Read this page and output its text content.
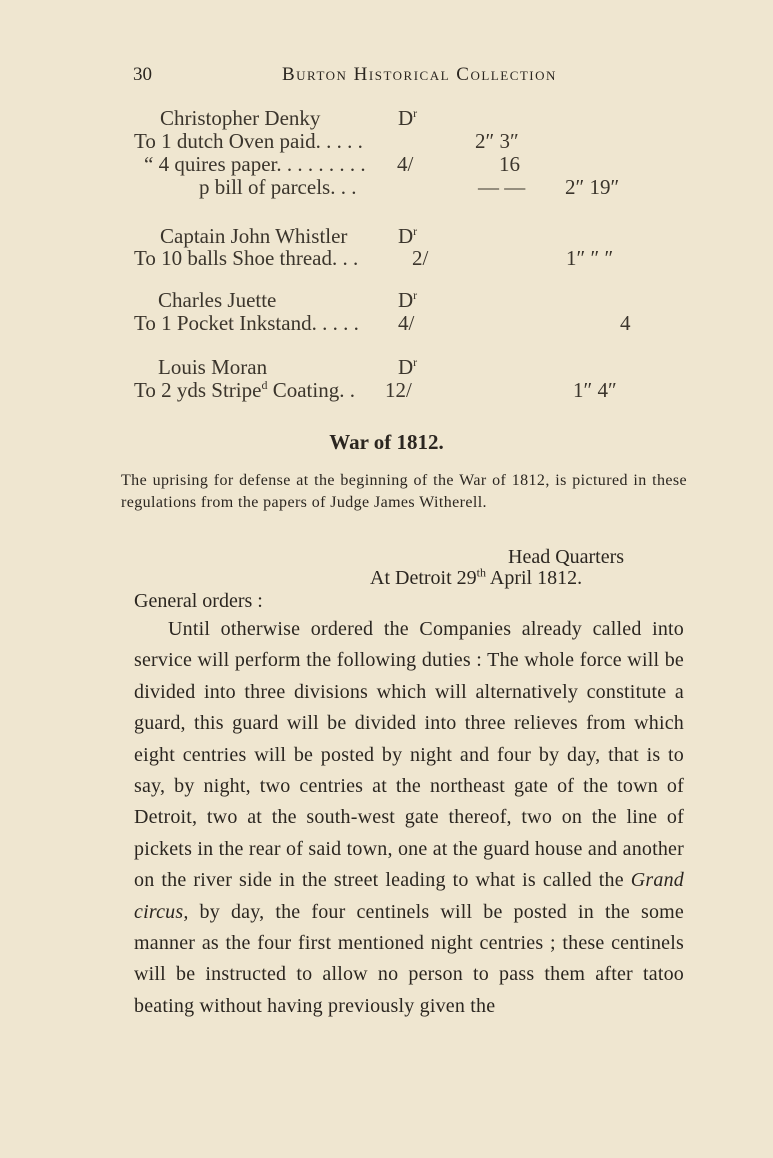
30	Burton Historical Collection
Christopher Denky	$D^r$
To 1 dutch Oven paid. . . . .	2″ 3″
“ 4 quires paper. . . . . . . . . 4/	16
p bill of parcels. . .	— — 2″ 19″
Captain John Whistler $D^r$
To 10 balls Shoe thread. . .	2/	1″ ″ ″
Charles Juette	$D^r$
To 1 Pocket Inkstand. . . . . 4/	4
Louis Moran	$D^r$
To 2 yds Stripe$^d$ Coating. . 12/	1″ 4″
War of 1812.
The uprising for defense at the beginning of the War of 1812, is pictured in these regulations from the papers of Judge James Witherell.
Head Quarters
At Detroit 29th April 1812.
General orders :
Until otherwise ordered the Companies already called into service will perform the following duties : The whole force will be divided into three divisions which will alternatively constitute a guard, this guard will be divided into three relieves from which eight centries will be posted by night and four by day, that is to say, by night, two centries at the northeast gate of the town of Detroit, two at the south-west gate thereof, two on the line of pickets in the rear of said town, one at the guard house and another on the river side in the street leading to what is called the Grand circus, by day, the four centinels will be posted in the some manner as the four first mentioned night centries ; these centinels will be instructed to allow no person to pass them after tatoo beating without having previously given the
